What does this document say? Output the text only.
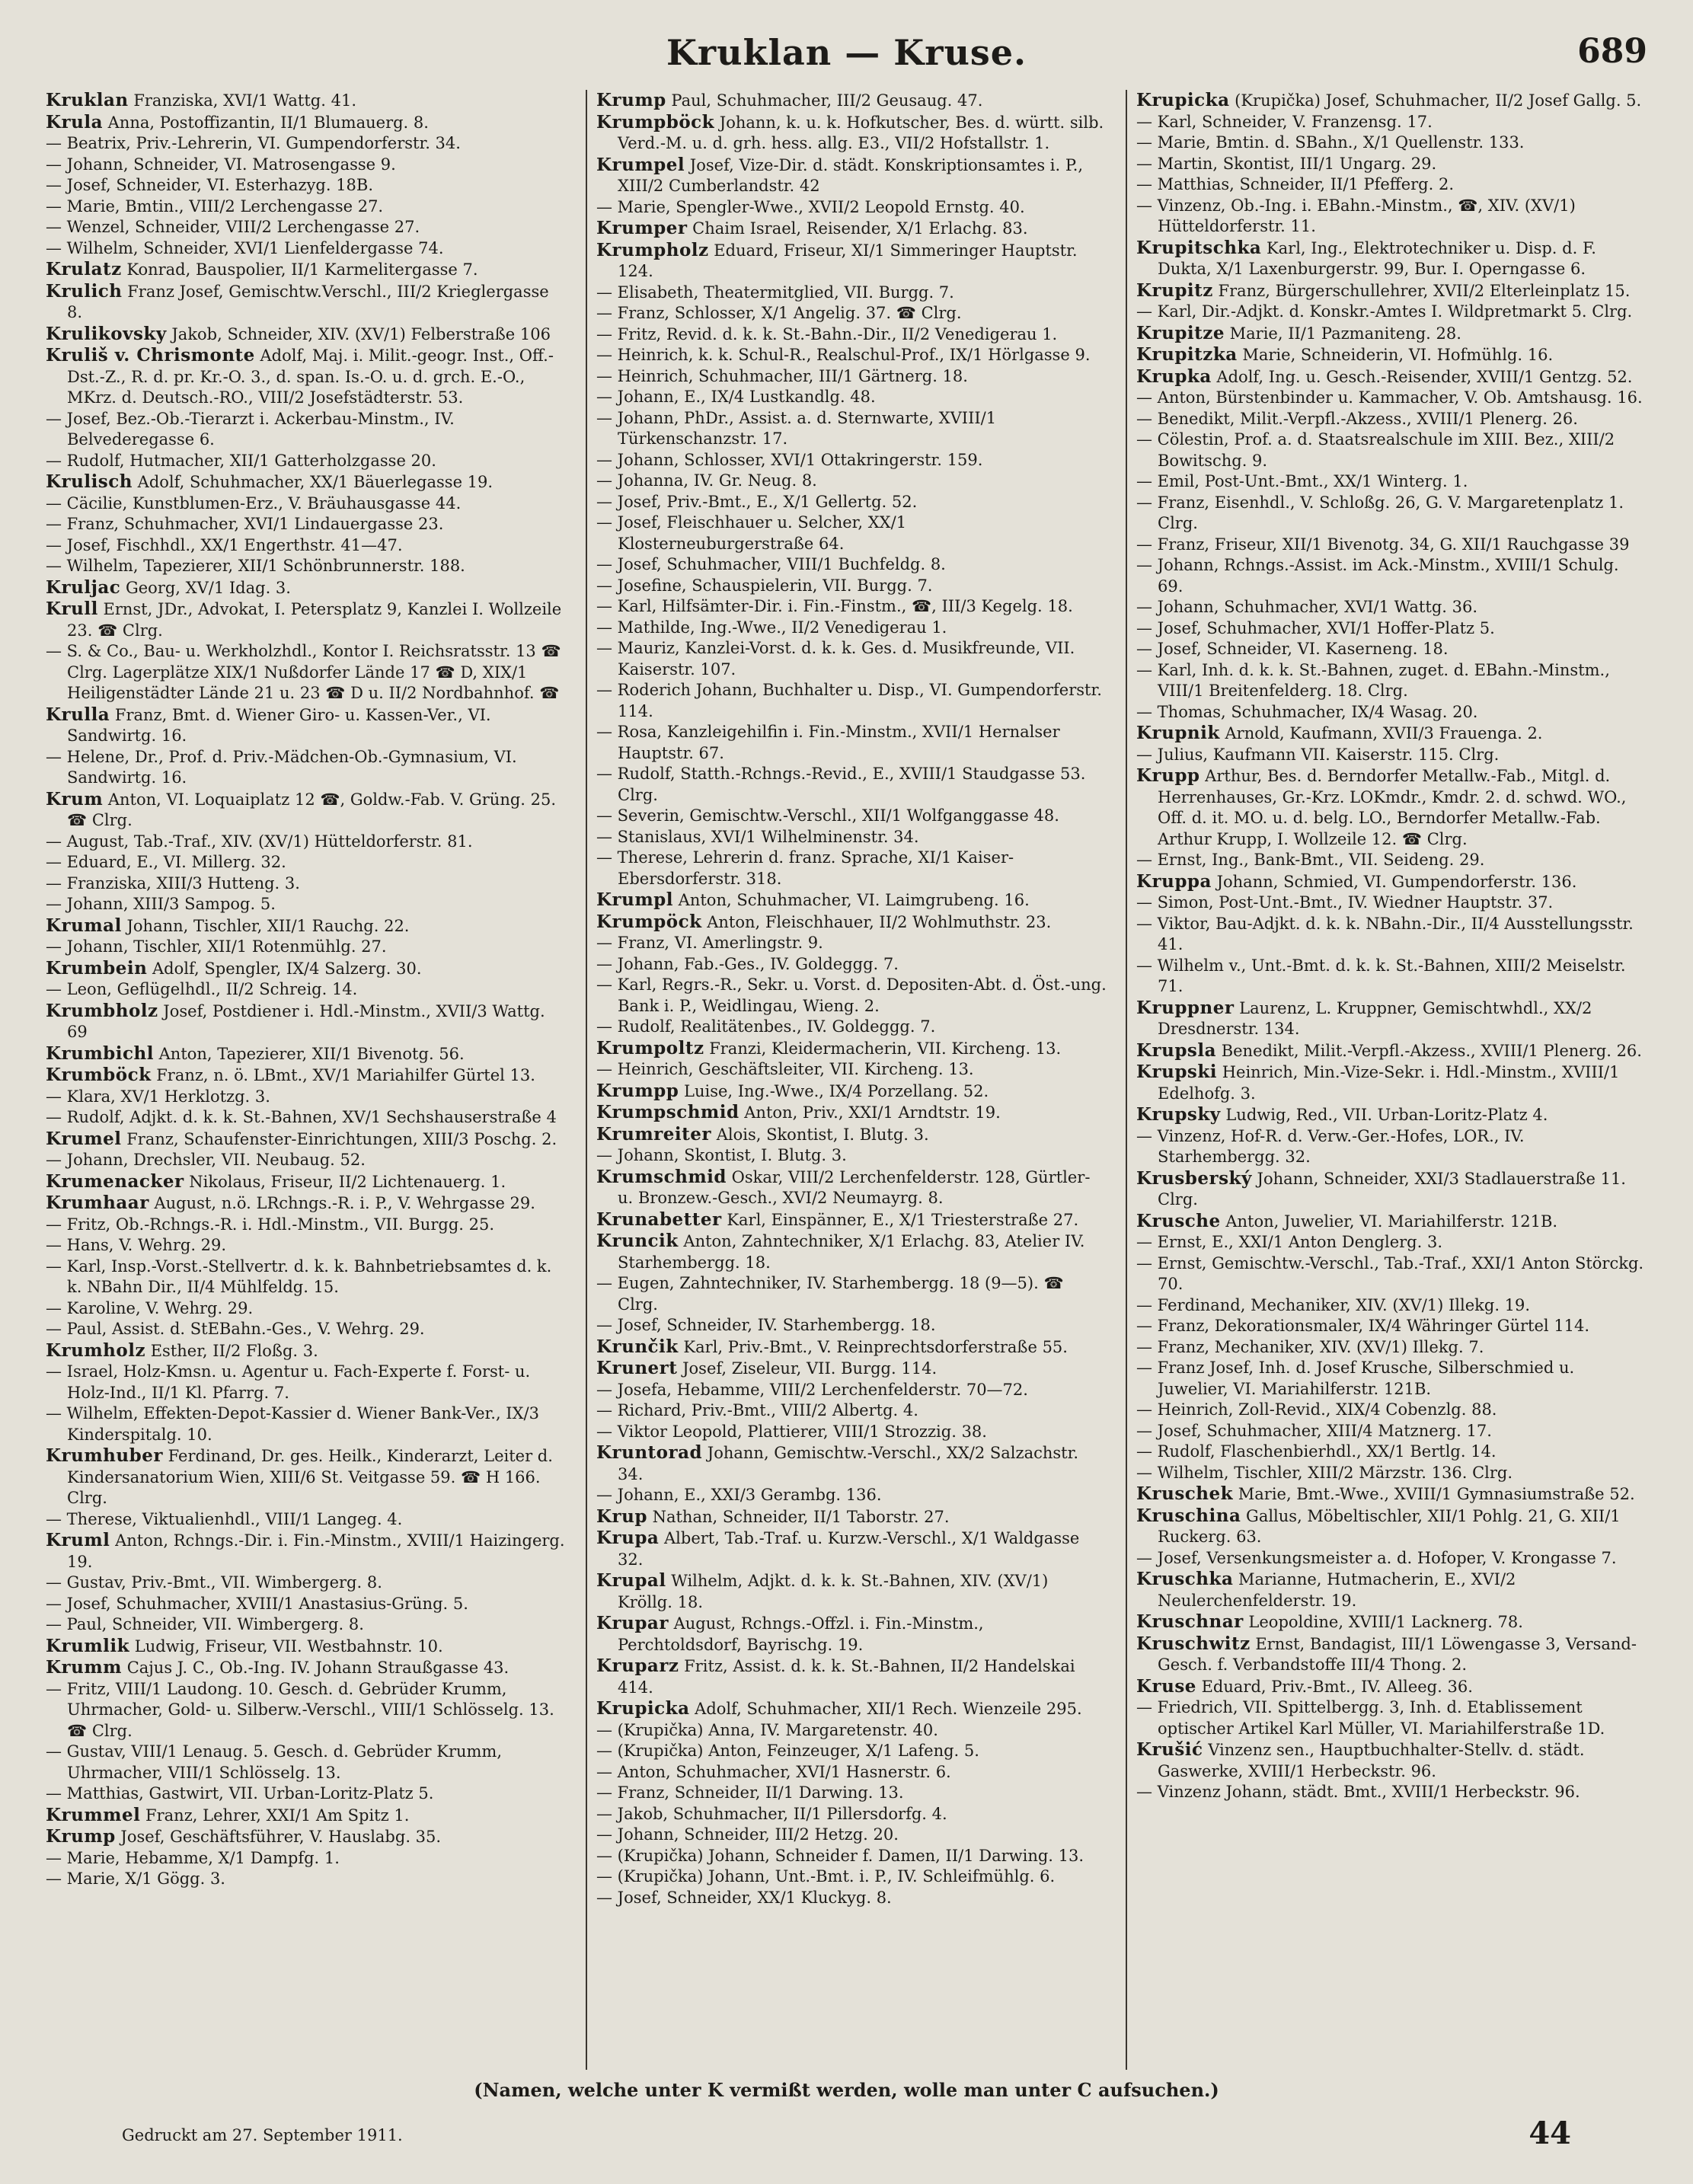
Kruklan — Kruse.	689

Kruklan Franziska, XVI/1 Wattg. 41.

Krula Anna, Postoffizantin, II/1 Blumauerg. 8.

— Beatrix, Priv.-Lehrerin, VI. Gumpendorferstr. 34.

— Johann, Schneider, VI. Matrosengasse 9.

— Josef, Schneider, VI. Esterhazyg. 18B.

— Marie, Bmtin., VIII/2 Lerchengasse 27.

— Wenzel, Schneider, VIII/2 Lerchengasse 27.

— Wilhelm, Schneider, XVI/1 Lienfeldergasse 74.

Krulatz Konrad, Bauspolier, II/1 Karmelitergasse 7.

Krulich Franz Josef, Gemischtw.Verschl., III/2 Krieglergasse 8.

Krulikovsky Jakob, Schneider, XIV. (XV/1) Felberstraße 106

Kruliš v. Chrismonte Adolf, Maj. i. Milit.-geogr. Inst., Off.-Dst.-Z., R. d. pr. Kr.-O. 3., d. span. Is.-O. u. d. grch. E.-O., MKrz. d. Deutsch.-RO., VIII/2 Josefstädterstr. 53.

— Josef, Bez.-Ob.-Tierarzt i. Ackerbau-Minstm., IV. Belvederegasse 6.

— Rudolf, Hutmacher, XII/1 Gatterholzgasse 20.

Krulisch Adolf, Schuhmacher, XX/1 Bäuerlegasse 19.

— Cäcilie, Kunstblumen-Erz., V. Bräuhausgasse 44.

— Franz, Schuhmacher, XVI/1 Lindauergasse 23.

— Josef, Fischhdl., XX/1 Engerthstr. 41—47.

— Wilhelm, Tapezierer, XII/1 Schönbrunnerstr. 188.

Kruljac Georg, XV/1 Idag. 3.

Krull Ernst, JDr., Advokat, I. Petersplatz 9, Kanzlei I. Wollzeile 23. ☎ Clrg.

— S. & Co., Bau- u. Werkholzhdl., Kontor I. Reichsratsstr. 13 ☎ Clrg. Lagerplätze XIX/1 Nußdorfer Lände 17 ☎ D, XIX/1 Heiligenstädter Lände 21 u. 23 ☎ D u. II/2 Nordbahnhof. ☎

Krulla Franz, Bmt. d. Wiener Giro- u. Kassen-Ver., VI. Sandwirtg. 16.

— Helene, Dr., Prof. d. Priv.-Mädchen-Ob.-Gymnasium, VI. Sandwirtg. 16.

Krum Anton, VI. Loquaiplatz 12 ☎, Goldw.-Fab. V. Grüng. 25. ☎ Clrg.

— August, Tab.-Traf., XIV. (XV/1) Hütteldorferstr. 81.

— Eduard, E., VI. Millerg. 32.

— Franziska, XIII/3 Hutteng. 3.

— Johann, XIII/3 Sampog. 5.

Krumal Johann, Tischler, XII/1 Rauchg. 22.

— Johann, Tischler, XII/1 Rotenmühlg. 27.

Krumbein Adolf, Spengler, IX/4 Salzerg. 30.

— Leon, Geflügelhdl., II/2 Schreig. 14.

Krumbholz Josef, Postdiener i. Hdl.-Minstm., XVII/3 Wattg. 69

Krumbichl Anton, Tapezierer, XII/1 Bivenotg. 56.

Krumböck Franz, n. ö. LBmt., XV/1 Mariahilfer Gürtel 13.

— Klara, XV/1 Herklotzg. 3.

— Rudolf, Adjkt. d. k. k. St.-Bahnen, XV/1 Sechshauserstraße 4

Krumel Franz, Schaufenster-Einrichtungen, XIII/3 Poschg. 2.

— Johann, Drechsler, VII. Neubaug. 52.

Krumenacker Nikolaus, Friseur, II/2 Lichtenauerg. 1.

Krumhaar August, n.ö. LRchngs.-R. i. P., V. Wehrgasse 29.

— Fritz, Ob.-Rchngs.-R. i. Hdl.-Minstm., VII. Burgg. 25.

— Hans, V. Wehrg. 29.

— Karl, Insp.-Vorst.-Stellvertr. d. k. k. Bahnbetriebsamtes d. k. k. NBahn Dir., II/4 Mühlfeldg. 15.

— Karoline, V. Wehrg. 29.

— Paul, Assist. d. StEBahn.-Ges., V. Wehrg. 29.

Krumholz Esther, II/2 Floßg. 3.

— Israel, Holz-Kmsn. u. Agentur u. Fach-Experte f. Forst- u. Holz-Ind., II/1 Kl. Pfarrg. 7.

— Wilhelm, Effekten-Depot-Kassier d. Wiener Bank-Ver., IX/3 Kinderspitalg. 10.

Krumhuber Ferdinand, Dr. ges. Heilk., Kinderarzt, Leiter d. Kindersanatorium Wien, XIII/6 St. Veitgasse 59. ☎ H 166. Clrg.

— Therese, Viktualienhdl., VIII/1 Langeg. 4.

Kruml Anton, Rchngs.-Dir. i. Fin.-Minstm., XVIII/1 Haizingerg. 19.

— Gustav, Priv.-Bmt., VII. Wimbergerg. 8.

— Josef, Schuhmacher, XVIII/1 Anastasius-Grüng. 5.

— Paul, Schneider, VII. Wimbergerg. 8.

Krumlik Ludwig, Friseur, VII. Westbahnstr. 10.

Krumm Cajus J. C., Ob.-Ing. IV. Johann Straußgasse 43.

— Fritz, VIII/1 Laudong. 10. Gesch. d. Gebrüder Krumm, Uhrmacher, Gold- u. Silberw.-Verschl., VIII/1 Schlösselg. 13. ☎ Clrg.

— Gustav, VIII/1 Lenaug. 5. Gesch. d. Gebrüder Krumm, Uhrmacher, VIII/1 Schlösselg. 13.

— Matthias, Gastwirt, VII. Urban-Loritz-Platz 5.

Krummel Franz, Lehrer, XXI/1 Am Spitz 1.

Krump Josef, Geschäftsführer, V. Hauslabg. 35.

— Marie, Hebamme, X/1 Dampfg. 1.

— Marie, X/1 Gögg. 3.

Krump Paul, Schuhmacher, III/2 Geusaug. 47.

Krumpböck Johann, k. u. k. Hofkutscher, Bes. d. württ. silb. Verd.-M. u. d. grh. hess. allg. E3., VII/2 Hofstallstr. 1.

Krumpel Josef, Vize-Dir. d. städt. Konskriptionsamtes i. P., XIII/2 Cumberlandstr. 42

— Marie, Spengler-Wwe., XVII/2 Leopold Ernstg. 40.

Krumper Chaim Israel, Reisender, X/1 Erlachg. 83.

Krumpholz Eduard, Friseur, XI/1 Simmeringer Hauptstr. 124.

— Elisabeth, Theatermitglied, VII. Burgg. 7.

— Franz, Schlosser, X/1 Angelig. 37. ☎ Clrg.

— Fritz, Revid. d. k. k. St.-Bahn.-Dir., II/2 Venedigerau 1.

— Heinrich, k. k. Schul-R., Realschul-Prof., IX/1 Hörlgasse 9.

— Heinrich, Schuhmacher, III/1 Gärtnerg. 18.

— Johann, E., IX/4 Lustkandlg. 48.

— Johann, PhDr., Assist. a. d. Sternwarte, XVIII/1 Türkenschanzstr. 17.

— Johann, Schlosser, XVI/1 Ottakringerstr. 159.

— Johanna, IV. Gr. Neug. 8.

— Josef, Priv.-Bmt., E., X/1 Gellertg. 52.

— Josef, Fleischhauer u. Selcher, XX/1 Klosterneuburgerstraße 64.

— Josef, Schuhmacher, VIII/1 Buchfeldg. 8.

— Josefine, Schauspielerin, VII. Burgg. 7.

— Karl, Hilfsämter-Dir. i. Fin.-Finstm., ☎, III/3 Kegelg. 18.

— Mathilde, Ing.-Wwe., II/2 Venedigerau 1.

— Mauriz, Kanzlei-Vorst. d. k. k. Ges. d. Musikfreunde, VII. Kaiserstr. 107.

— Roderich Johann, Buchhalter u. Disp., VI. Gumpendorferstr. 114.

— Rosa, Kanzleigehilfin i. Fin.-Minstm., XVII/1 Hernalser Hauptstr. 67.

— Rudolf, Statth.-Rchngs.-Revid., E., XVIII/1 Staudgasse 53. Clrg.

— Severin, Gemischtw.-Verschl., XII/1 Wolfganggasse 48.

— Stanislaus, XVI/1 Wilhelminenstr. 34.

— Therese, Lehrerin d. franz. Sprache, XI/1 Kaiser-Ebersdorferstr. 318.

Krumpl Anton, Schuhmacher, VI. Laimgrubeng. 16.

Krumpöck Anton, Fleischhauer, II/2 Wohlmuthstr. 23.

— Franz, VI. Amerlingstr. 9.

— Johann, Fab.-Ges., IV. Goldeggg. 7.

— Karl, Regrs.-R., Sekr. u. Vorst. d. Depositen-Abt. d. Öst.-ung. Bank i. P., Weidlingau, Wieng. 2.

— Rudolf, Realitätenbes., IV. Goldeggg. 7.

Krumpoltz Franzi, Kleidermacherin, VII. Kircheng. 13.

— Heinrich, Geschäftsleiter, VII. Kircheng. 13.

Krumpp Luise, Ing.-Wwe., IX/4 Porzellang. 52.

Krumpschmid Anton, Priv., XXI/1 Arndtstr. 19.

Krumreiter Alois, Skontist, I. Blutg. 3.

— Johann, Skontist, I. Blutg. 3.

Krumschmid Oskar, VIII/2 Lerchenfelderstr. 128, Gürtler- u. Bronzew.-Gesch., XVI/2 Neumayrg. 8.

Krunabetter Karl, Einspänner, E., X/1 Triesterstraße 27.

Kruncik Anton, Zahntechniker, X/1 Erlachg. 83, Atelier IV. Starhembergg. 18.

— Eugen, Zahntechniker, IV. Starhembergg. 18 (9—5). ☎ Clrg.

— Josef, Schneider, IV. Starhembergg. 18.

Krunčik Karl, Priv.-Bmt., V. Reinprechtsdorferstraße 55.

Krunert Josef, Ziseleur, VII. Burgg. 114.

— Josefa, Hebamme, VIII/2 Lerchenfelderstr. 70—72.

— Richard, Priv.-Bmt., VIII/2 Albertg. 4.

— Viktor Leopold, Plattierer, VIII/1 Strozzig. 38.

Kruntorad Johann, Gemischtw.-Verschl., XX/2 Salzachstr. 34.

— Johann, E., XXI/3 Gerambg. 136.

Krup Nathan, Schneider, II/1 Taborstr. 27.

Krupa Albert, Tab.-Traf. u. Kurzw.-Verschl., X/1 Waldgasse 32.

Krupal Wilhelm, Adjkt. d. k. k. St.-Bahnen, XIV. (XV/1) Kröllg. 18.

Krupar August, Rchngs.-Offzl. i. Fin.-Minstm., Perchtoldsdorf, Bayrischg. 19.

Kruparz Fritz, Assist. d. k. k. St.-Bahnen, II/2 Handelskai 414.

Krupicka Adolf, Schuhmacher, XII/1 Rech. Wienzeile 295.

— (Krupička) Anna, IV. Margaretenstr. 40.

— (Krupička) Anton, Feinzeuger, X/1 Lafeng. 5.

— Anton, Schuhmacher, XVI/1 Hasnerstr. 6.

— Franz, Schneider, II/1 Darwing. 13.

— Jakob, Schuhmacher, II/1 Pillersdorfg. 4.

— Johann, Schneider, III/2 Hetzg. 20.

— (Krupička) Johann, Schneider f. Damen, II/1 Darwing. 13.

— (Krupička) Johann, Unt.-Bmt. i. P., IV. Schleifmühlg. 6.

— Josef, Schneider, XX/1 Kluckyg. 8.

Krupicka (Krupička) Josef, Schuhmacher, II/2 Josef Gallg. 5.

— Karl, Schneider, V. Franzensg. 17.

— Marie, Bmtin. d. SBahn., X/1 Quellenstr. 133.

— Martin, Skontist, III/1 Ungarg. 29.

— Matthias, Schneider, II/1 Pfefferg. 2.

— Vinzenz, Ob.-Ing. i. EBahn.-Minstm., ☎, XIV. (XV/1) Hütteldorferstr. 11.

Krupitschka Karl, Ing., Elektrotechniker u. Disp. d. F. Dukta, X/1 Laxenburgerstr. 99, Bur. I. Operngasse 6.

Krupitz Franz, Bürgerschullehrer, XVII/2 Elterleinplatz 15.

— Karl, Dir.-Adjkt. d. Konskr.-Amtes I. Wildpretmarkt 5. Clrg.

Krupitze Marie, II/1 Pazmaniteng. 28.

Krupitzka Marie, Schneiderin, VI. Hofmühlg. 16.

Krupka Adolf, Ing. u. Gesch.-Reisender, XVIII/1 Gentzg. 52.

— Anton, Bürstenbinder u. Kammacher, V. Ob. Amtshausg. 16.

— Benedikt, Milit.-Verpfl.-Akzess., XVIII/1 Plenerg. 26.

— Cölestin, Prof. a. d. Staatsrealschule im XIII. Bez., XIII/2 Bowitschg. 9.

— Emil, Post-Unt.-Bmt., XX/1 Winterg. 1.

— Franz, Eisenhdl., V. Schloßg. 26, G. V. Margaretenplatz 1. Clrg.

— Franz, Friseur, XII/1 Bivenotg. 34, G. XII/1 Rauchgasse 39

— Johann, Rchngs.-Assist. im Ack.-Minstm., XVIII/1 Schulg. 69.

— Johann, Schuhmacher, XVI/1 Wattg. 36.

— Josef, Schuhmacher, XVI/1 Hoffer-Platz 5.

— Josef, Schneider, VI. Kaserneng. 18.

— Karl, Inh. d. k. k. St.-Bahnen, zuget. d. EBahn.-Minstm., VIII/1 Breitenfelderg. 18. Clrg.

— Thomas, Schuhmacher, IX/4 Wasag. 20.

Krupnik Arnold, Kaufmann, XVII/3 Frauenga. 2.

— Julius, Kaufmann VII. Kaiserstr. 115. Clrg.

Krupp Arthur, Bes. d. Berndorfer Metallw.-Fab., Mitgl. d. Herrenhauses, Gr.-Krz. LOKmdr., Kmdr. 2. d. schwd. WO., Off. d. it. MO. u. d. belg. LO., Berndorfer Metallw.-Fab. Arthur Krupp, I. Wollzeile 12. ☎ Clrg.

— Ernst, Ing., Bank-Bmt., VII. Seideng. 29.

Kruppa Johann, Schmied, VI. Gumpendorferstr. 136.

— Simon, Post-Unt.-Bmt., IV. Wiedner Hauptstr. 37.

— Viktor, Bau-Adjkt. d. k. k. NBahn.-Dir., II/4 Ausstellungsstr. 41.

— Wilhelm v., Unt.-Bmt. d. k. k. St.-Bahnen, XIII/2 Meiselstr. 71.

Kruppner Laurenz, L. Kruppner, Gemischtwhdl., XX/2 Dresdnerstr. 134.

Krupsla Benedikt, Milit.-Verpfl.-Akzess., XVIII/1 Plenerg. 26.

Krupski Heinrich, Min.-Vize-Sekr. i. Hdl.-Minstm., XVIII/1 Edelhofg. 3.

Krupsky Ludwig, Red., VII. Urban-Loritz-Platz 4.

— Vinzenz, Hof-R. d. Verw.-Ger.-Hofes, LOR., IV. Starhembergg. 32.

Krusberský Johann, Schneider, XXI/3 Stadlauerstraße 11. Clrg.

Krusche Anton, Juwelier, VI. Mariahilferstr. 121B.

— Ernst, E., XXI/1 Anton Denglerg. 3.

— Ernst, Gemischtw.-Verschl., Tab.-Traf., XXI/1 Anton Störckg. 70.

— Ferdinand, Mechaniker, XIV. (XV/1) Illekg. 19.

— Franz, Dekorationsmaler, IX/4 Währinger Gürtel 114.

— Franz, Mechaniker, XIV. (XV/1) Illekg. 7.

— Franz Josef, Inh. d. Josef Krusche, Silberschmied u. Juwelier, VI. Mariahilferstr. 121B.

— Heinrich, Zoll-Revid., XIX/4 Cobenzlg. 88.

— Josef, Schuhmacher, XIII/4 Matznerg. 17.

— Rudolf, Flaschenbierhdl., XX/1 Bertlg. 14.

— Wilhelm, Tischler, XIII/2 Märzstr. 136. Clrg.

Kruschek Marie, Bmt.-Wwe., XVIII/1 Gymnasiumstraße 52.

Kruschina Gallus, Möbeltischler, XII/1 Pohlg. 21, G. XII/1 Ruckerg. 63.

— Josef, Versenkungsmeister a. d. Hofoper, V. Krongasse 7.

Kruschka Marianne, Hutmacherin, E., XVI/2 Neulerchenfelderstr. 19.

Kruschnar Leopoldine, XVIII/1 Lacknerg. 78.

Kruschwitz Ernst, Bandagist, III/1 Löwengasse 3, Versand-Gesch. f. Verbandstoffe III/4 Thong. 2.

Kruse Eduard, Priv.-Bmt., IV. Alleeg. 36.

— Friedrich, VII. Spittelbergg. 3, Inh. d. Etablissement optischer Artikel Karl Müller, VI. Mariahilferstraße 1D.

Krušić Vinzenz sen., Hauptbuchhalter-Stellv. d. städt. Gaswerke, XVIII/1 Herbeckstr. 96.

— Vinzenz Johann, städt. Bmt., XVIII/1 Herbeckstr. 96.

(Namen, welche unter K vermißt werden, wolle man unter C aufsuchen.)
Gedruckt am 27. September 1911.	44
